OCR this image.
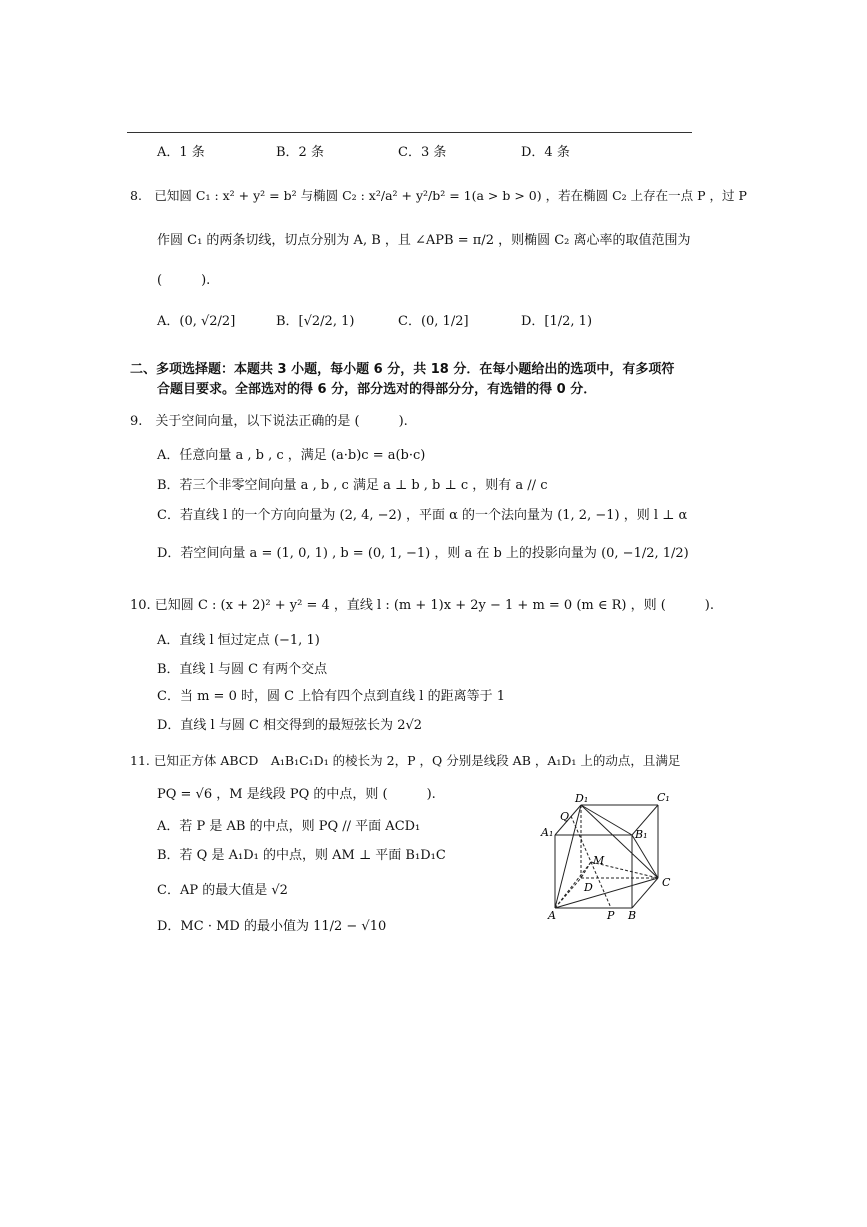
A．1 条	B．2 条	C．3 条	D．4 条
8.　已知圆 C₁ : x² + y² = b² 与椭圆 C₂ : x²/a² + y²/b² = 1(a > b > 0) ，若在椭圆 C₂ 上存在一点 P ，过 P
作圆 C₁ 的两条切线，切点分别为 A, B ，且 ∠APB = π/2 ，则椭圆 C₂ 离心率的取值范围为
(　　　).
A．(0, √2/2]	B．[√2/2, 1)	C．(0, 1/2]	D．[1/2, 1)
二、多项选择题：本题共 3 小题，每小题 6 分，共 18 分．在每小题给出的选项中，有多项符
合题目要求。全部选对的得 6 分，部分选对的得部分分，有选错的得 0 分．
9.　关于空间向量，以下说法正确的是 (　　　).
A．任意向量 a , b , c ，满足 (a·b)c = a(b·c)
B．若三个非零空间向量 a , b , c 满足 a ⊥ b , b ⊥ c ，则有 a // c
C．若直线 l 的一个方向向量为 (2, 4, −2) ，平面 α 的一个法向量为 (1, 2, −1) ，则 l ⊥ α
D．若空间向量 a = (1, 0, 1) , b = (0, 1, −1) ，则 a 在 b 上的投影向量为 (0, −1/2, 1/2)
10. 已知圆 C : (x + 2)² + y² = 4 ，直线 l : (m + 1)x + 2y − 1 + m = 0 (m ∈ R) ，则 (　　　).
A．直线 l 恒过定点 (−1, 1)
B．直线 l 与圆 C 有两个交点
C．当 m = 0 时，圆 C 上恰有四个点到直线 l 的距离等于 1
D．直线 l 与圆 C 相交得到的最短弦长为 2√2
11. 已知正方体 ABCD　A₁B₁C₁D₁ 的棱长为 2，P ，Q 分别是线段 AB ，A₁D₁ 上的动点，且满足
PQ = √6 ，M 是线段 PQ 的中点，则 (　　　).
A．若 P 是 AB 的中点，则 PQ // 平面 ACD₁
B．若 Q 是 A₁D₁ 的中点，则 AM ⊥ 平面 B₁D₁C
C．AP 的最大值是 √2
D．MC · MD 的最小值为 11/2 − √10
D₁	C₁
A₁	B₁
Q
M
D	C
A	P B
